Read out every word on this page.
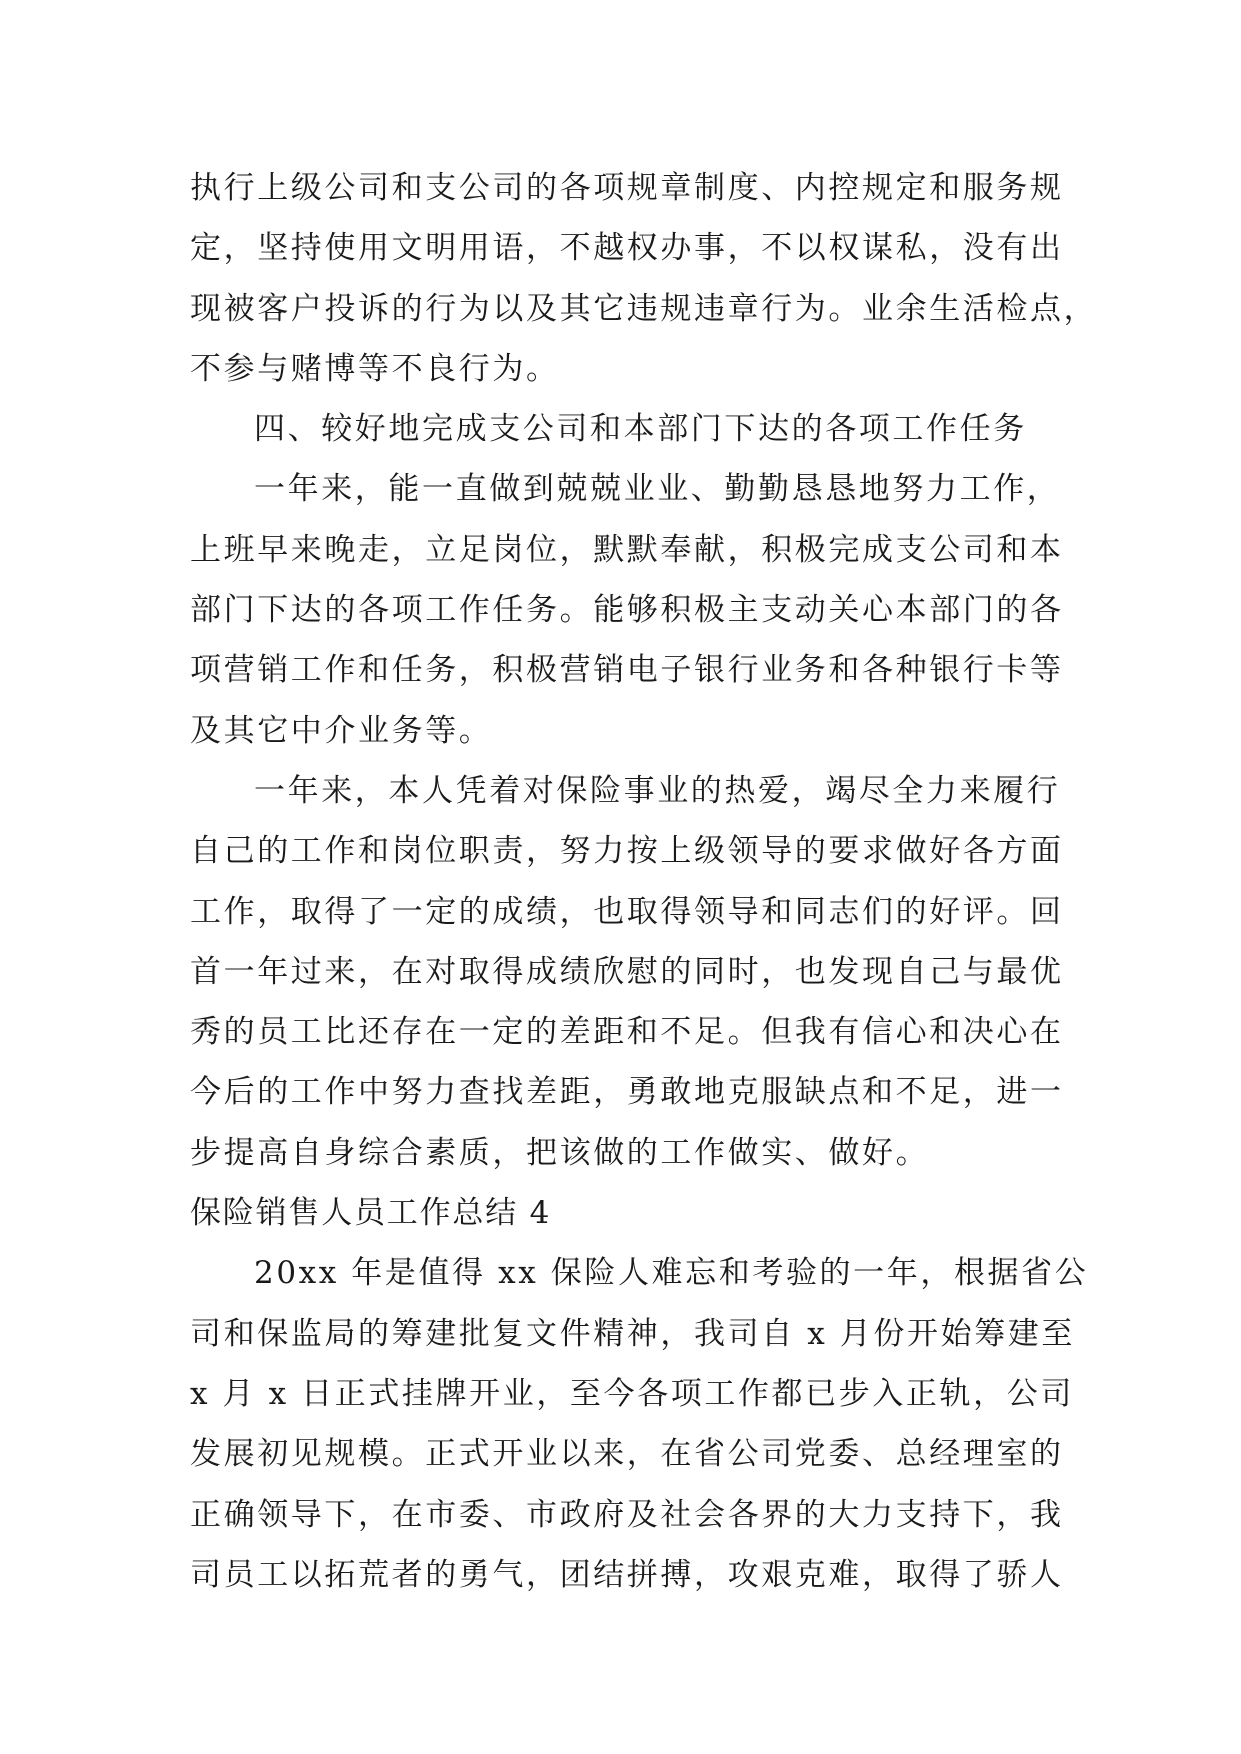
执行上级公司和支公司的各项规章制度、内控规定和服务规
定，坚持使用文明用语，不越权办事，不以权谋私，没有出
现被客户投诉的行为以及其它违规违章行为。业余生活检点，
不参与赌博等不良行为。
四、较好地完成支公司和本部门下达的各项工作任务
一年来，能一直做到兢兢业业、勤勤恳恳地努力工作，
上班早来晚走，立足岗位，默默奉献，积极完成支公司和本
部门下达的各项工作任务。能够积极主支动关心本部门的各
项营销工作和任务，积极营销电子银行业务和各种银行卡等
及其它中介业务等。
一年来，本人凭着对保险事业的热爱，竭尽全力来履行
自己的工作和岗位职责，努力按上级领导的要求做好各方面
工作，取得了一定的成绩，也取得领导和同志们的好评。回
首一年过来，在对取得成绩欣慰的同时，也发现自己与最优
秀的员工比还存在一定的差距和不足。但我有信心和决心在
今后的工作中努力查找差距，勇敢地克服缺点和不足，进一
步提高自身综合素质，把该做的工作做实、做好。
保险销售人员工作总结 4
20xx 年是值得 xx 保险人难忘和考验的一年，根据省公
司和保监局的筹建批复文件精神，我司自 x 月份开始筹建至
x 月 x 日正式挂牌开业，至今各项工作都已步入正轨，公司
发展初见规模。正式开业以来，在省公司党委、总经理室的
正确领导下，在市委、市政府及社会各界的大力支持下，我
司员工以拓荒者的勇气，团结拼搏，攻艰克难，取得了骄人
